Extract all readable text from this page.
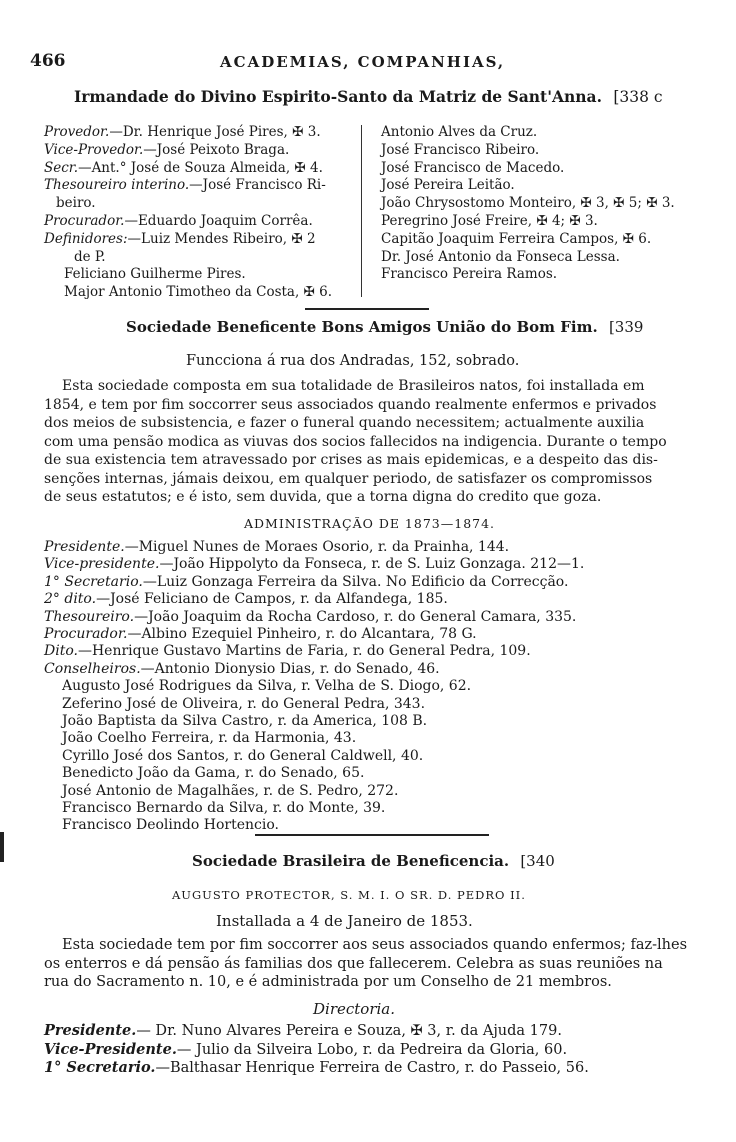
466	ACADEMIAS, COMPANHIAS,
Irmandade do Divino Espirito-Santo da Matriz de Sant'Anna. [338 c
Provedor.—Dr. Henrique José Pires, ✠ 3.
Vice-Provedor.—José Peixoto Braga.
Secr.—Ant.° José de Souza Almeida, ✠ 4.
Thesoureiro interino.—José Francisco Ri-
beiro.
Procurador.—Eduardo Joaquim Corrêa.
Definidores:—Luiz Mendes Ribeiro, ✠ 2
de P.
Feliciano Guilherme Pires.
Major Antonio Timotheo da Costa, ✠ 6.
Antonio Alves da Cruz.
José Francisco Ribeiro.
José Francisco de Macedo.
José Pereira Leitão.
João Chrysostomo Monteiro, ✠ 3, ✠ 5; ✠ 3.
Peregrino José Freire, ✠ 4; ✠ 3.
Capitão Joaquim Ferreira Campos, ✠ 6.
Dr. José Antonio da Fonseca Lessa.
Francisco Pereira Ramos.
Sociedade Beneficente Bons Amigos União do Bom Fim. [339
Funcciona á rua dos Andradas, 152, sobrado.
Esta sociedade composta em sua totalidade de Brasileiros natos, foi installada em
1854, e tem por fim soccorrer seus associados quando realmente enfermos e privados
dos meios de subsistencia, e fazer o funeral quando necessitem; actualmente auxilia
com uma pensão modica as viuvas dos socios fallecidos na indigencia. Durante o tempo
de sua existencia tem atravessado por crises as mais epidemicas, e a despeito das dis-
senções internas, jámais deixou, em qualquer periodo, de satisfazer os compromissos
de seus estatutos; e é isto, sem duvida, que a torna digna do credito que goza.
ADMINISTRAÇÃO DE 1873—1874.
Presidente.—Miguel Nunes de Moraes Osorio, r. da Prainha, 144.
Vice-presidente.—João Hippolyto da Fonseca, r. de S. Luiz Gonzaga. 212—1.
1° Secretario.—Luiz Gonzaga Ferreira da Silva. No Edificio da Correcção.
2° dito.—José Feliciano de Campos, r. da Alfandega, 185.
Thesoureiro.—João Joaquim da Rocha Cardoso, r. do General Camara, 335.
Procurador.—Albino Ezequiel Pinheiro, r. do Alcantara, 78 G.
Dito.—Henrique Gustavo Martins de Faria, r. do General Pedra, 109.
Conselheiros.—Antonio Dionysio Dias, r. do Senado, 46.
Augusto José Rodrigues da Silva, r. Velha de S. Diogo, 62.
Zeferino José de Oliveira, r. do General Pedra, 343.
João Baptista da Silva Castro, r. da America, 108 B.
João Coelho Ferreira, r. da Harmonia, 43.
Cyrillo José dos Santos, r. do General Caldwell, 40.
Benedicto João da Gama, r. do Senado, 65.
José Antonio de Magalhães, r. de S. Pedro, 272.
Francisco Bernardo da Silva, r. do Monte, 39.
Francisco Deolindo Hortencio.
Sociedade Brasileira de Beneficencia. [340
AUGUSTO PROTECTOR, S. M. I. O SR. D. PEDRO II.
Installada a 4 de Janeiro de 1853.
Esta sociedade tem por fim soccorrer aos seus associados quando enfermos; faz-lhes
os enterros e dá pensão ás familias dos que fallecerem. Celebra as suas reuniões na
rua do Sacramento n. 10, e é administrada por um Conselho de 21 membros.
Directoria.
Presidente.— Dr. Nuno Alvares Pereira e Souza, ✠ 3, r. da Ajuda 179.
Vice-Presidente.— Julio da Silveira Lobo, r. da Pedreira da Gloria, 60.
1° Secretario.—Balthasar Henrique Ferreira de Castro, r. do Passeio, 56.
